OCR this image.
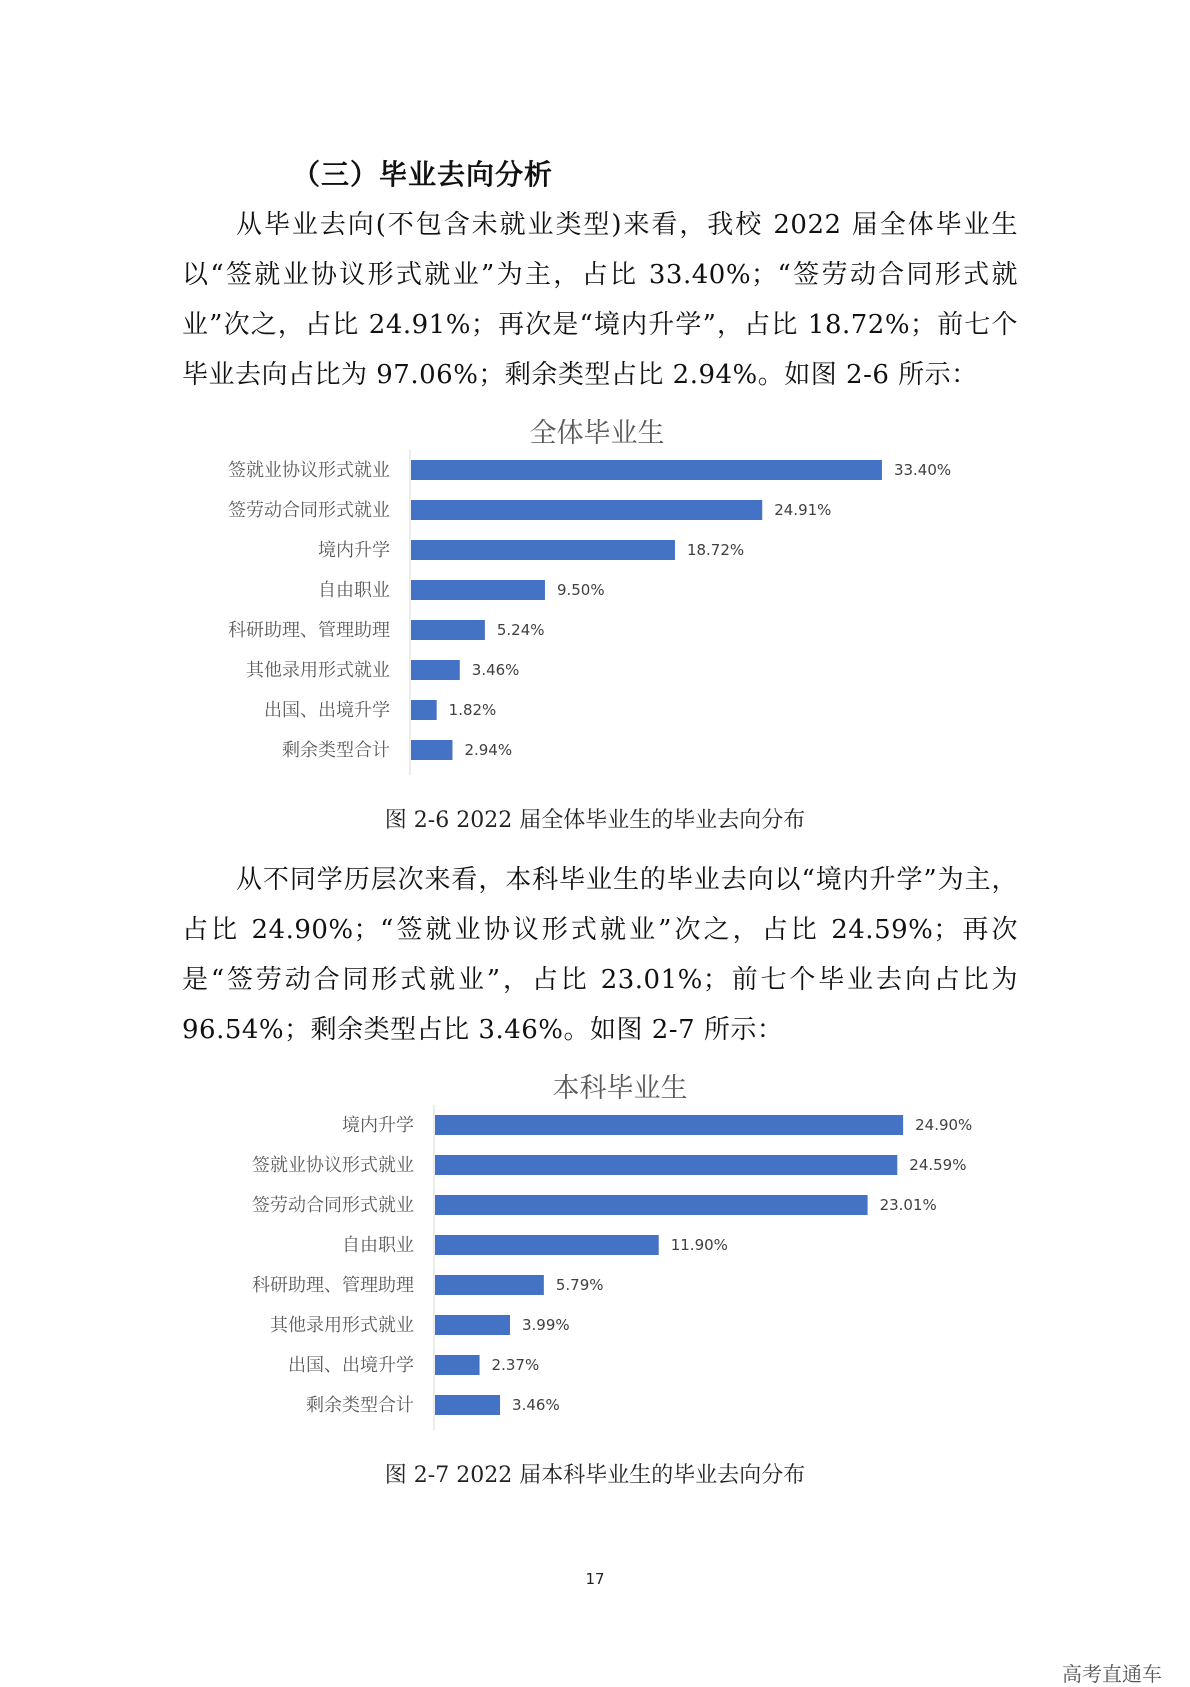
（三）毕业去向分析
从毕业去向(不包含未就业类型)来看，我校 2022 届全体毕业生以“签就业协议形式就业”为主，占比 33.40%；“签劳动合同形式就业”次之，占比 24.91%；再次是“境内升学”，占比 18.72%；前七个毕业去向占比为 97.06%；剩余类型占比 2.94%。如图 2-6 所示：
全体毕业生
签就业协议形式就业	33.40%
签劳动合同形式就业	24.91%
境内升学	18.72%
自由职业	9.50%
科研助理、管理助理	5.24%
其他录用形式就业	3.46%
出国、出境升学	1.82%
剩余类型合计	2.94%
图 2-6 2022 届全体毕业生的毕业去向分布
从不同学历层次来看，本科毕业生的毕业去向以“境内升学”为主，占比 24.90%；“签就业协议形式就业”次之，占比 24.59%；再次是“签劳动合同形式就业”，占比 23.01%；前七个毕业去向占比为 96.54%；剩余类型占比 3.46%。如图 2-7 所示：
本科毕业生
境内升学	24.90%
签就业协议形式就业	24.59%
签劳动合同形式就业	23.01%
自由职业	11.90%
科研助理、管理助理	5.79%
其他录用形式就业	3.99%
出国、出境升学	2.37%
剩余类型合计	3.46%
图 2-7 2022 届本科毕业生的毕业去向分布
17
高考直通车
